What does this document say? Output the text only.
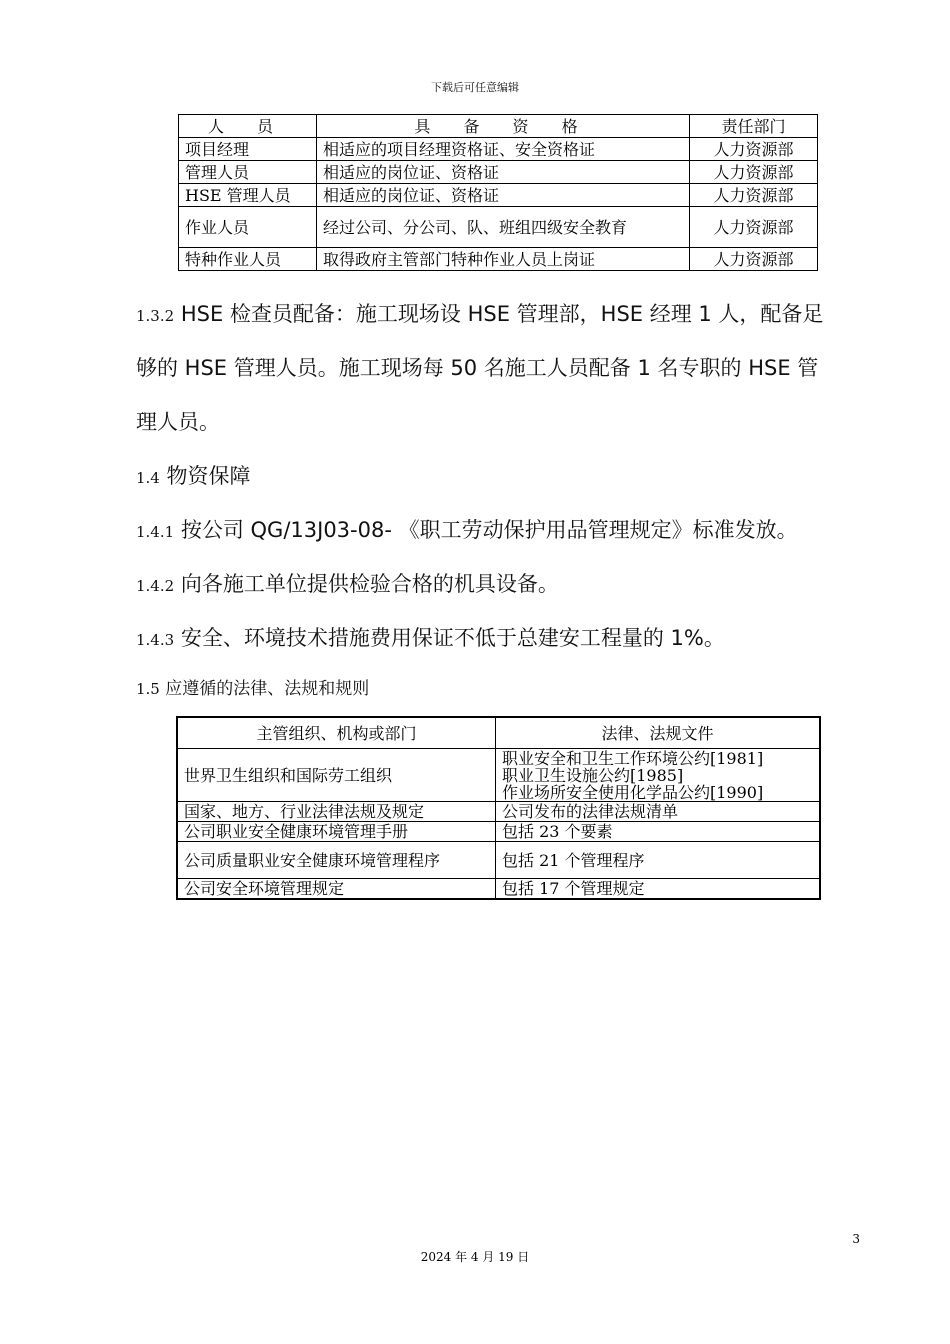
下载后可任意编辑
人 员	具 备 资 格	责任部门
项目经理	相适应的项目经理资格证、安全资格证	人力资源部
管理人员	相适应的岗位证、资格证	人力资源部
HSE 管理人员	相适应的岗位证、资格证	人力资源部
作业人员	经过公司、分公司、队、班组四级安全教育	人力资源部
特种作业人员	取得政府主管部门特种作业人员上岗证	人力资源部
1.3.2 HSE 检查员配备：施工现场设 HSE 管理部，HSE 经理 1 人，配备足
够的 HSE 管理人员。施工现场每 50 名施工人员配备 1 名专职的 HSE 管
理人员。
1.4 物资保障
1.4.1 按公司 QG/13J03-08- 《职工劳动保护用品管理规定》标准发放。
1.4.2 向各施工单位提供检验合格的机具设备。
1.4.3 安全、环境技术措施费用保证不低于总建安工程量的 1%。
1.5 应遵循的法律、法规和规则
主管组织、机构或部门	法律、法规文件
世界卫生组织和国际劳工组织	职业安全和卫生工作环境公约[1981]
职业卫生设施公约[1985]
作业场所安全使用化学品公约[1990]

国家、地方、行业法律法规及规定	公司发布的法律法规清单
公司职业安全健康环境管理手册	包括 23 个要素
公司质量职业安全健康环境管理程序	包括 21 个管理程序
公司安全环境管理规定	包括 17 个管理规定
3
2024 年 4 月 19 日
